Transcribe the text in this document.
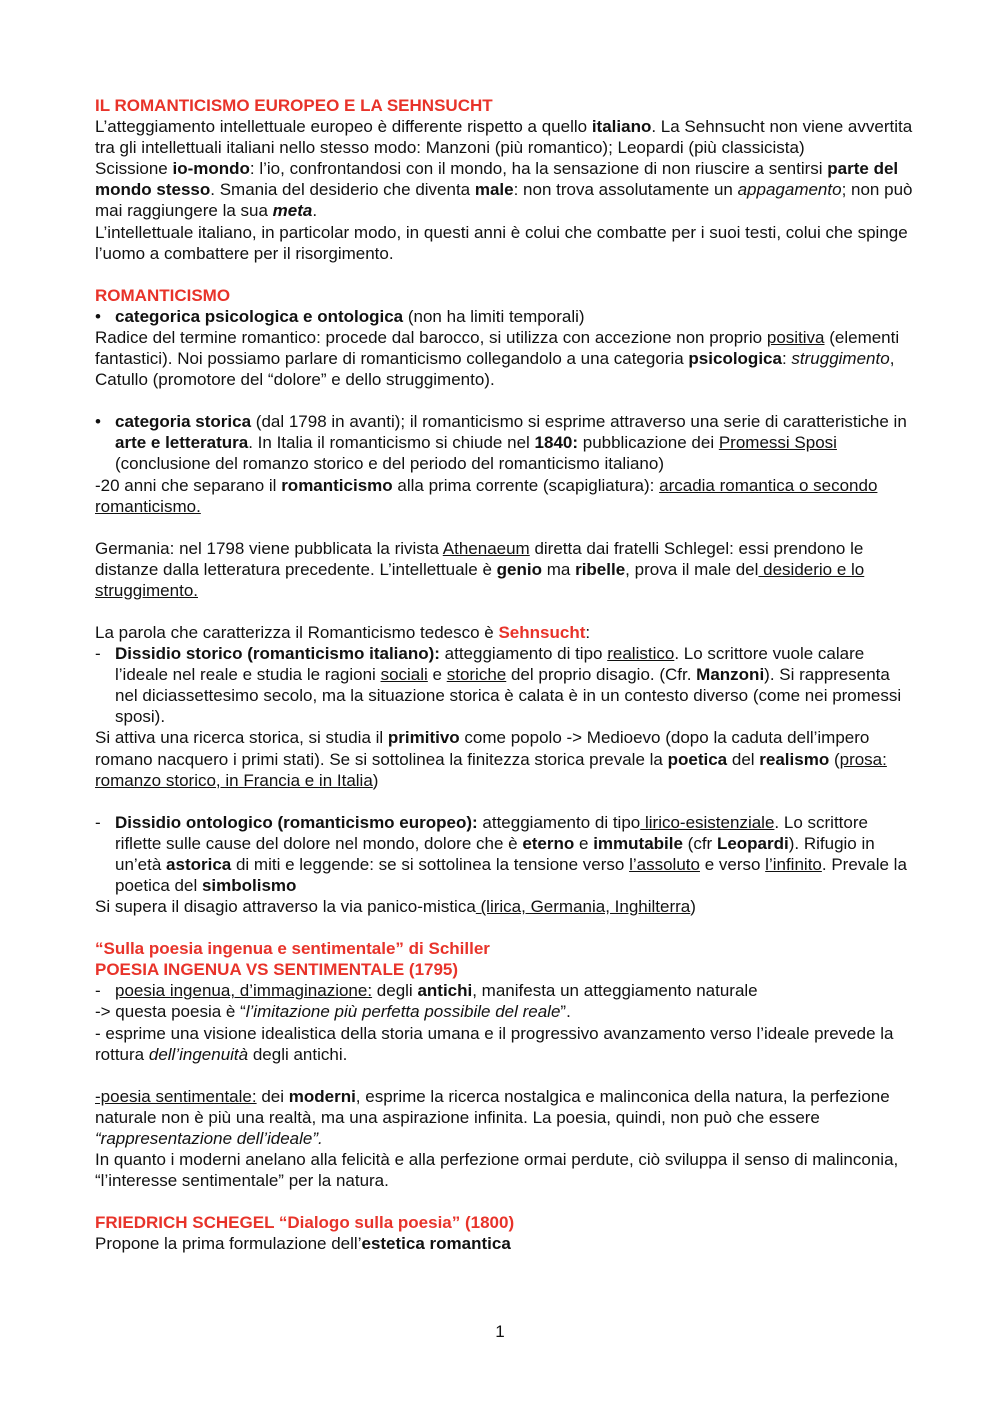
IL ROMANTICISMO EUROPEO E LA SEHNSUCHT

L’atteggiamento intellettuale europeo è differente rispetto a quello italiano. La Sehnsucht non viene avvertita tra gli intellettuali italiani nello stesso modo: Manzoni (più romantico); Leopardi (più classicista)

Scissione io-mondo: l’io, confrontandosi con il mondo, ha la sensazione di non riuscire a sentirsi parte del mondo stesso. Smania del desiderio che diventa male: non trova assolutamente un appagamento; non può mai raggiungere la sua meta.

L’intellettuale italiano, in particolar modo, in questi anni è colui che combatte per i suoi testi, colui che spinge l’uomo a combattere per il risorgimento.

ROMANTICISMO

• categorica psicologica e ontologica (non ha limiti temporali)

Radice del termine romantico: procede dal barocco, si utilizza con accezione non proprio positiva (elementi fantastici). Noi possiamo parlare di romanticismo collegandolo a una categoria psicologica: struggimento, Catullo (promotore del “dolore” e dello struggimento).

• categoria storica (dal 1798 in avanti); il romanticismo si esprime attraverso una serie di caratteristiche in arte e letteratura. In Italia il romanticismo si chiude nel 1840: pubblicazione dei Promessi Sposi (conclusione del romanzo storico e del periodo del romanticismo italiano)

-20 anni che separano il romanticismo alla prima corrente (scapigliatura): arcadia romantica o secondo romanticismo.

Germania: nel 1798 viene pubblicata la rivista Athenaeum diretta dai fratelli Schlegel: essi prendono le distanze dalla letteratura precedente. L’intellettuale è genio ma ribelle, prova il male del desiderio e lo struggimento.

La parola che caratterizza il Romanticismo tedesco è Sehnsucht:

- Dissidio storico (romanticismo italiano): atteggiamento di tipo realistico. Lo scrittore vuole calare l’ideale nel reale e studia le ragioni sociali e storiche del proprio disagio. (Cfr. Manzoni). Si rappresenta nel diciassettesimo secolo, ma la situazione storica è calata è in un contesto diverso (come nei promessi sposi).

Si attiva una ricerca storica, si studia il primitivo come popolo -> Medioevo (dopo la caduta dell’impero romano nacquero i primi stati). Se si sottolinea la finitezza storica prevale la poetica del realismo (prosa: romanzo storico, in Francia e in Italia)

- Dissidio ontologico (romanticismo europeo): atteggiamento di tipo lirico-esistenziale. Lo scrittore riflette sulle cause del dolore nel mondo, dolore che è eterno e immutabile (cfr Leopardi). Rifugio in un’età astorica di miti e leggende: se si sottolinea la tensione verso l’assoluto e verso l’infinito. Prevale la poetica del simbolismo

Si supera il disagio attraverso la via panico-mistica (lirica, Germania, Inghilterra)

“Sulla poesia ingenua e sentimentale” di Schiller

POESIA INGENUA VS SENTIMENTALE (1795)

- poesia ingenua, d’immaginazione: degli antichi, manifesta un atteggiamento naturale

-> questa poesia è “l’imitazione più perfetta possibile del reale”.

- esprime una visione idealistica della storia umana e il progressivo avanzamento verso l’ideale prevede la rottura dell’ingenuità degli antichi.

-poesia sentimentale: dei moderni, esprime la ricerca nostalgica e malinconica della natura, la perfezione naturale non è più una realtà, ma una aspirazione infinita. La poesia, quindi, non può che essere “rappresentazione dell’ideale”.

In quanto i moderni anelano alla felicità e alla perfezione ormai perdute, ciò sviluppa il senso di malinconia, “l’interesse sentimentale” per la natura.

FRIEDRICH SCHEGEL “Dialogo sulla poesia” (1800)

Propone la prima formulazione dell’estetica romantica

1
